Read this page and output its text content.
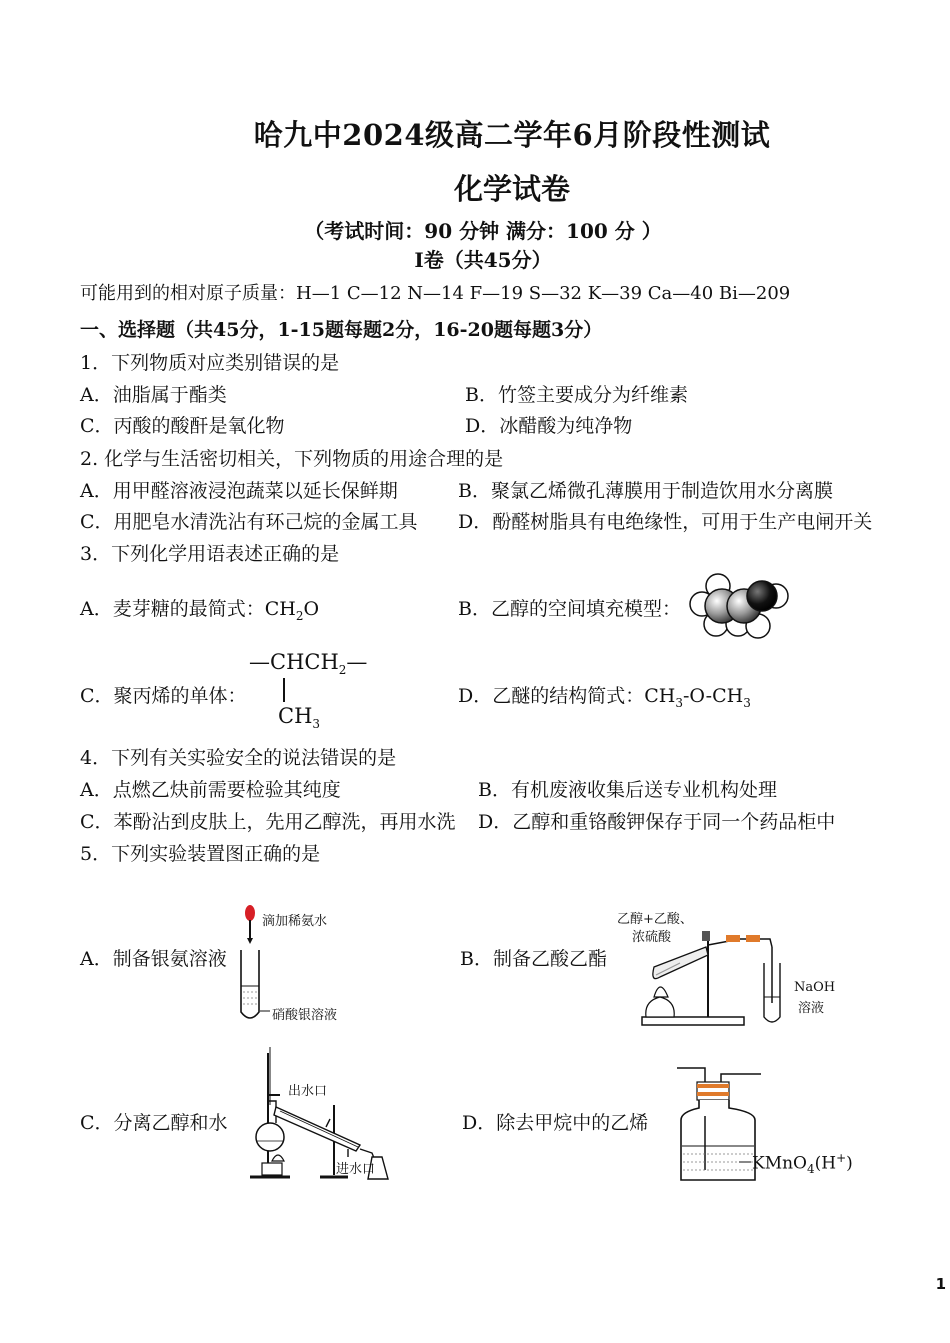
哈九中2024级高二学年6月阶段性测试
化学试卷
（考试时间：90 分钟 满分：100 分 ）
I卷（共45分）
可能用到的相对原子质量：H—1 C—12 N—14 F—19 S—32 K—39 Ca—40 Bi—209
一、选择题（共45分，1-15题每题2分，16-20题每题3分）
1．下列物质对应类别错误的是
A．油脂属于酯类	B．竹签主要成分为纤维素
C．丙酸的酸酐是氧化物	D．冰醋酸为纯净物
2. 化学与生活密切相关，下列物质的用途合理的是
A．用甲醛溶液浸泡蔬菜以延长保鲜期	B．聚氯乙烯微孔薄膜用于制造饮用水分离膜
C．用肥皂水清洗沾有环己烷的金属工具 D．酚醛树脂具有电绝缘性，可用于生产电闸开关
3．下列化学用语表述正确的是
A．麦芽糖的最简式：$CH_2O$	B．乙醇的空间填充模型：
C．聚丙烯的单体：
$—CHCH_2—$
$CH_3$
D．乙醚的结构简式：$CH_3-O-CH_3$
4．下列有关实验安全的说法错误的是
A．点燃乙炔前需要检验其纯度	B．有机废液收集后送专业机构处理
C．苯酚沾到皮肤上，先用乙醇洗，再用水洗 D．乙醇和重铬酸钾保存于同一个药品柜中
5．下列实验装置图正确的是
A．制备银氨溶液
滴加稀氨水
硝酸银溶液
B．制备乙酸乙酯
乙醇+乙酸、
浓硫酸
NaOH
溶液
C．分离乙醇和水
出水口
进水口
D．除去甲烷中的乙烯
KMnO$_4$(H+)
1
